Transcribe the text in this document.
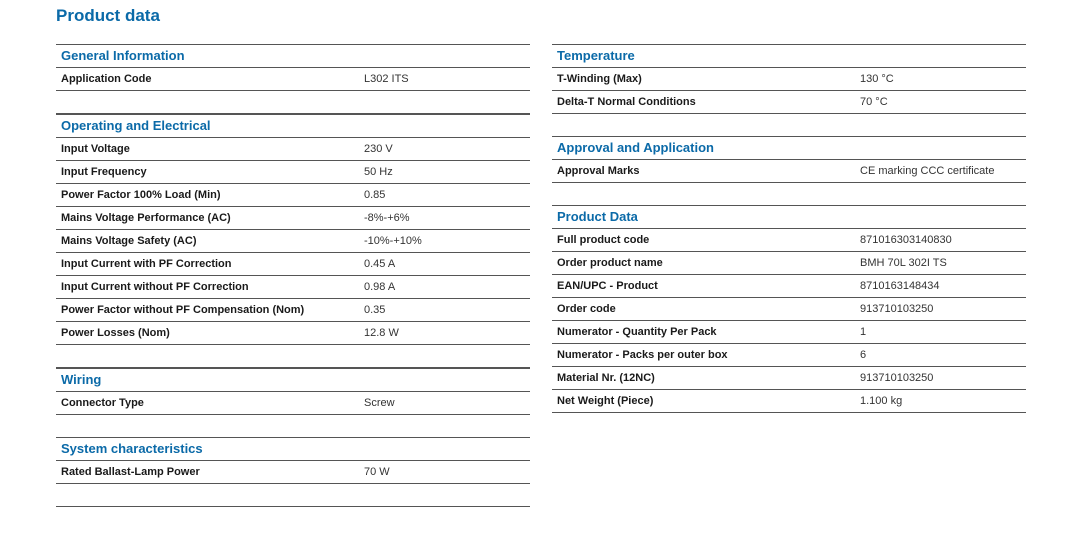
Product data
General Information
Application Code	L302 ITS
Operating and Electrical
Input Voltage	230 V
Input Frequency	50 Hz
Power Factor 100% Load (Min)	0.85
Mains Voltage Performance (AC)	-8%-+6%
Mains Voltage Safety (AC)	-10%-+10%
Input Current with PF Correction	0.45 A
Input Current without PF Correction	0.98 A
Power Factor without PF Compensation (Nom)	0.35
Power Losses (Nom)	12.8 W
Wiring
Connector Type	Screw
System characteristics
Rated Ballast-Lamp Power	70 W
Temperature
T-Winding (Max)	130 °C
Delta-T Normal Conditions	70 °C
Approval and Application
Approval Marks	CE marking CCC certificate
Product Data
Full product code	871016303140830
Order product name	BMH 70L 302I TS
EAN/UPC - Product	8710163148434
Order code	913710103250
Numerator - Quantity Per Pack	1
Numerator - Packs per outer box	6
Material Nr. (12NC)	913710103250
Net Weight (Piece)	1.100 kg
